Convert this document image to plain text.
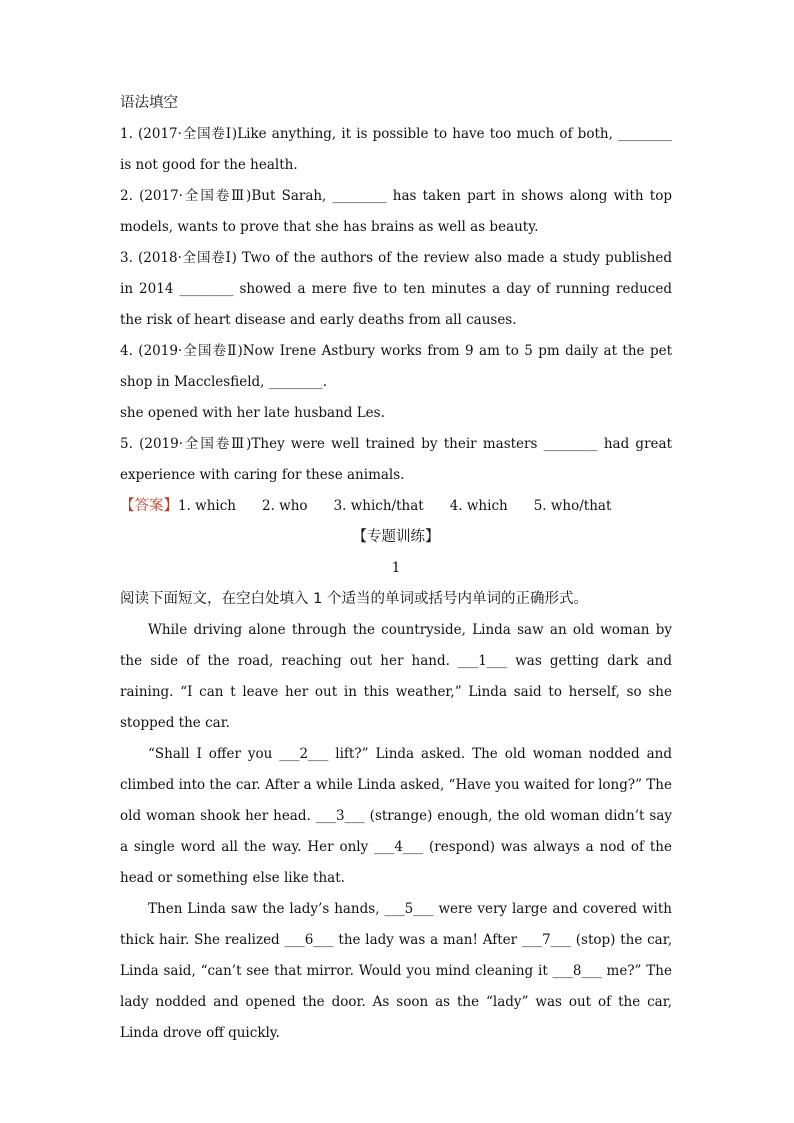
语法填空

1. (2017·全国卷Ⅰ)Like anything, it is possible to have too much of both, ________ is not good for the health.

2. (2017·全国卷Ⅲ)But Sarah, ________ has taken part in shows along with top models, wants to prove that she has brains as well as beauty.

3. (2018·全国卷Ⅰ) Two of the authors of the review also made a study published in 2014 ________ showed a mere five to ten minutes a day of running reduced the risk of heart disease and early deaths from all causes.

4. (2019·全国卷Ⅱ)Now Irene Astbury works from 9 am to 5 pm daily at the pet shop in Macclesfield, ________.

she opened with her late husband Les.

5. (2019·全国卷Ⅲ)They were well trained by their masters ________ had great experience with caring for these animals.

【答案】1. which 2. who 3. which/that 4. which 5. who/that

【专题训练】

1

阅读下面短文，在空白处填入 1 个适当的单词或括号内单词的正确形式。

While driving alone through the countryside, Linda saw an old woman by the side of the road, reaching out her hand. ___1___ was getting dark and raining. “I can t leave her out in this weather,” Linda said to herself, so she stopped the car.

“Shall I offer you ___2___ lift?” Linda asked. The old woman nodded and climbed into the car. After a while Linda asked, “Have you waited for long?” The old woman shook her head. ___3___ (strange) enough, the old woman didn’t say a single word all the way. Her only ___4___ (respond) was always a nod of the head or something else like that.

Then Linda saw the lady’s hands, ___5___ were very large and covered with thick hair. She realized ___6___ the lady was a man! After ___7___ (stop) the car, Linda said, “can’t see that mirror. Would you mind cleaning it ___8___ me?” The lady nodded and opened the door. As soon as the “lady” was out of the car, Linda drove off quickly.
